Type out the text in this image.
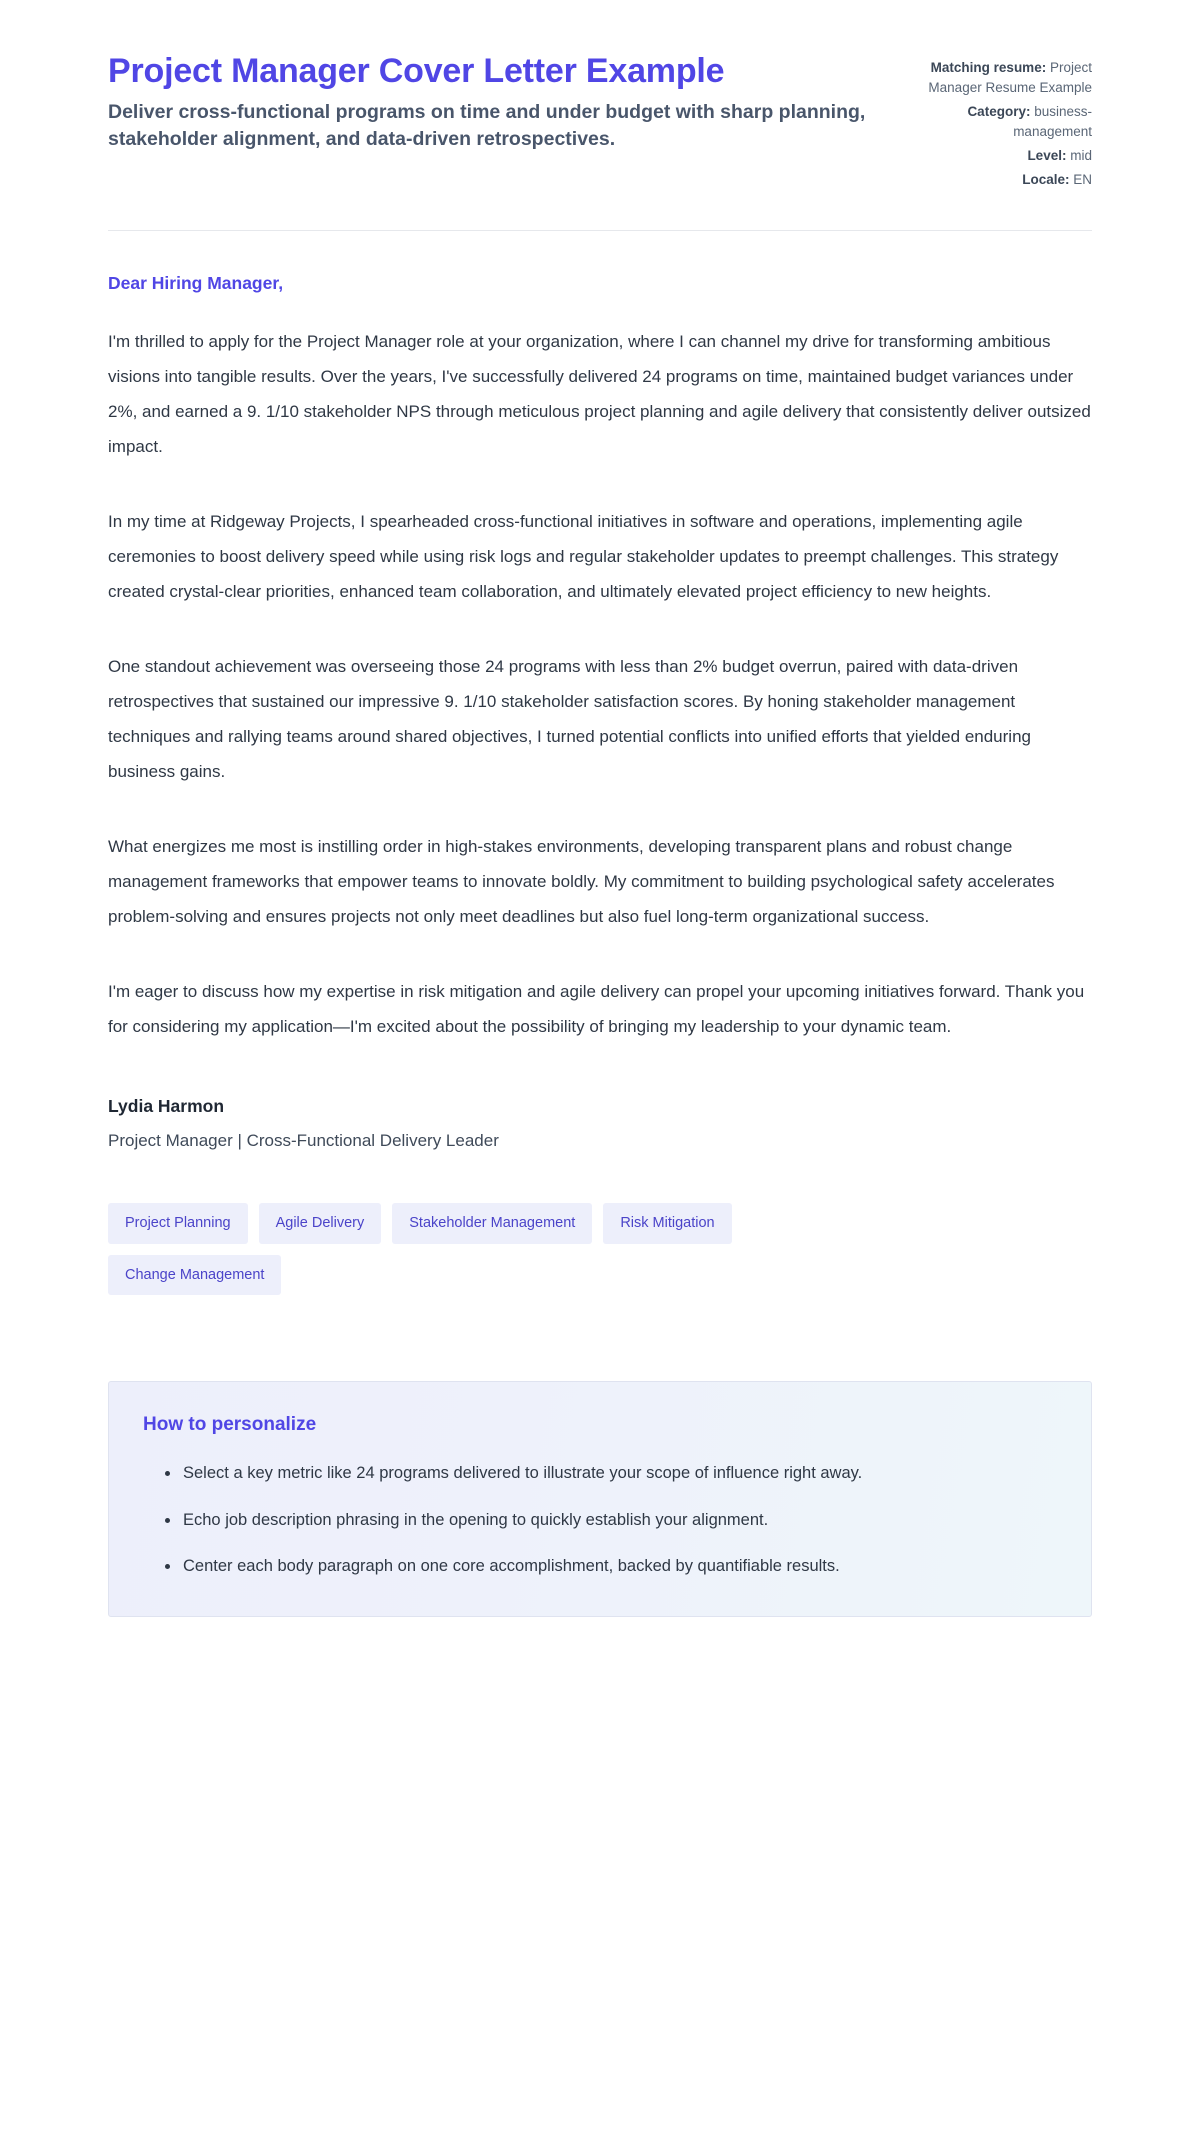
Project Manager Cover Letter Example

Deliver cross-functional programs on time and under budget with sharp planning, stakeholder alignment, and data-driven retrospectives.

Matching resume: Project Manager Resume Example
Category: business-management
Level: mid
Locale: EN

Dear Hiring Manager,

I'm thrilled to apply for the Project Manager role at your organization, where I can channel my drive for transforming ambitious visions into tangible results. Over the years, I've successfully delivered 24 programs on time, maintained budget variances under 2%, and earned a 9. 1/10 stakeholder NPS through meticulous project planning and agile delivery that consistently deliver outsized impact.

In my time at Ridgeway Projects, I spearheaded cross-functional initiatives in software and operations, implementing agile ceremonies to boost delivery speed while using risk logs and regular stakeholder updates to preempt challenges. This strategy created crystal-clear priorities, enhanced team collaboration, and ultimately elevated project efficiency to new heights.

One standout achievement was overseeing those 24 programs with less than 2% budget overrun, paired with data-driven retrospectives that sustained our impressive 9. 1/10 stakeholder satisfaction scores. By honing stakeholder management techniques and rallying teams around shared objectives, I turned potential conflicts into unified efforts that yielded enduring business gains.

What energizes me most is instilling order in high-stakes environments, developing transparent plans and robust change management frameworks that empower teams to innovate boldly. My commitment to building psychological safety accelerates problem-solving and ensures projects not only meet deadlines but also fuel long-term organizational success.

I'm eager to discuss how my expertise in risk mitigation and agile delivery can propel your upcoming initiatives forward. Thank you for considering my application—I'm excited about the possibility of bringing my leadership to your dynamic team.

Lydia Harmon

Project Manager | Cross-Functional Delivery Leader

Project Planning	Agile Delivery	Stakeholder Management	Risk Mitigation
Change Management
How to personalize
Select a key metric like 24 programs delivered to illustrate your scope of influence right away.
Echo job description phrasing in the opening to quickly establish your alignment.
Center each body paragraph on one core accomplishment, backed by quantifiable results.
